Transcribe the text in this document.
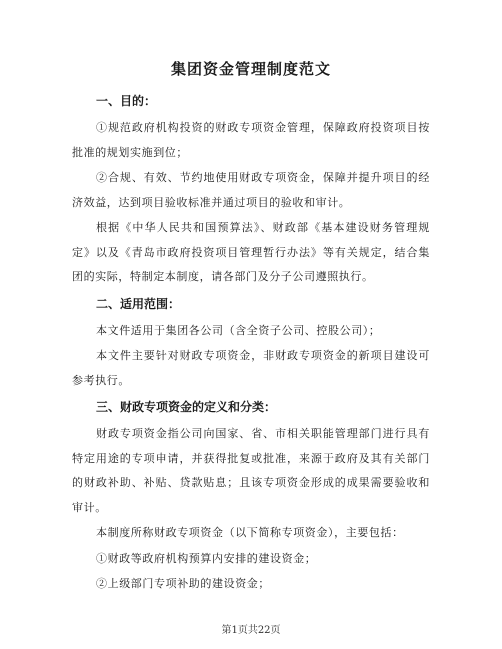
集团资金管理制度范文
一、目的：

①规范政府机构投资的财政专项资金管理，保障政府投资项目按批准的规划实施到位；

②合规、有效、节约地使用财政专项资金，保障并提升项目的经济效益，达到项目验收标准并通过项目的验收和审计。

根据《中华人民共和国预算法》、财政部《基本建设财务管理规定》以及《青岛市政府投资项目管理暂行办法》等有关规定，结合集团的实际，特制定本制度，请各部门及分子公司遵照执行。

二、适用范围：

本文件适用于集团各公司（含全资子公司、控股公司）；

本文件主要针对财政专项资金，非财政专项资金的新项目建设可参考执行。

三、财政专项资金的定义和分类：

财政专项资金指公司向国家、省、市相关职能管理部门进行具有特定用途的专项申请，并获得批复或批准，来源于政府及其有关部门的财政补助、补贴、贷款贴息；且该专项资金形成的成果需要验收和审计。

本制度所称财政专项资金（以下简称专项资金），主要包括：

①财政等政府机构预算内安排的建设资金；

②上级部门专项补助的建设资金；

第1页共22页
